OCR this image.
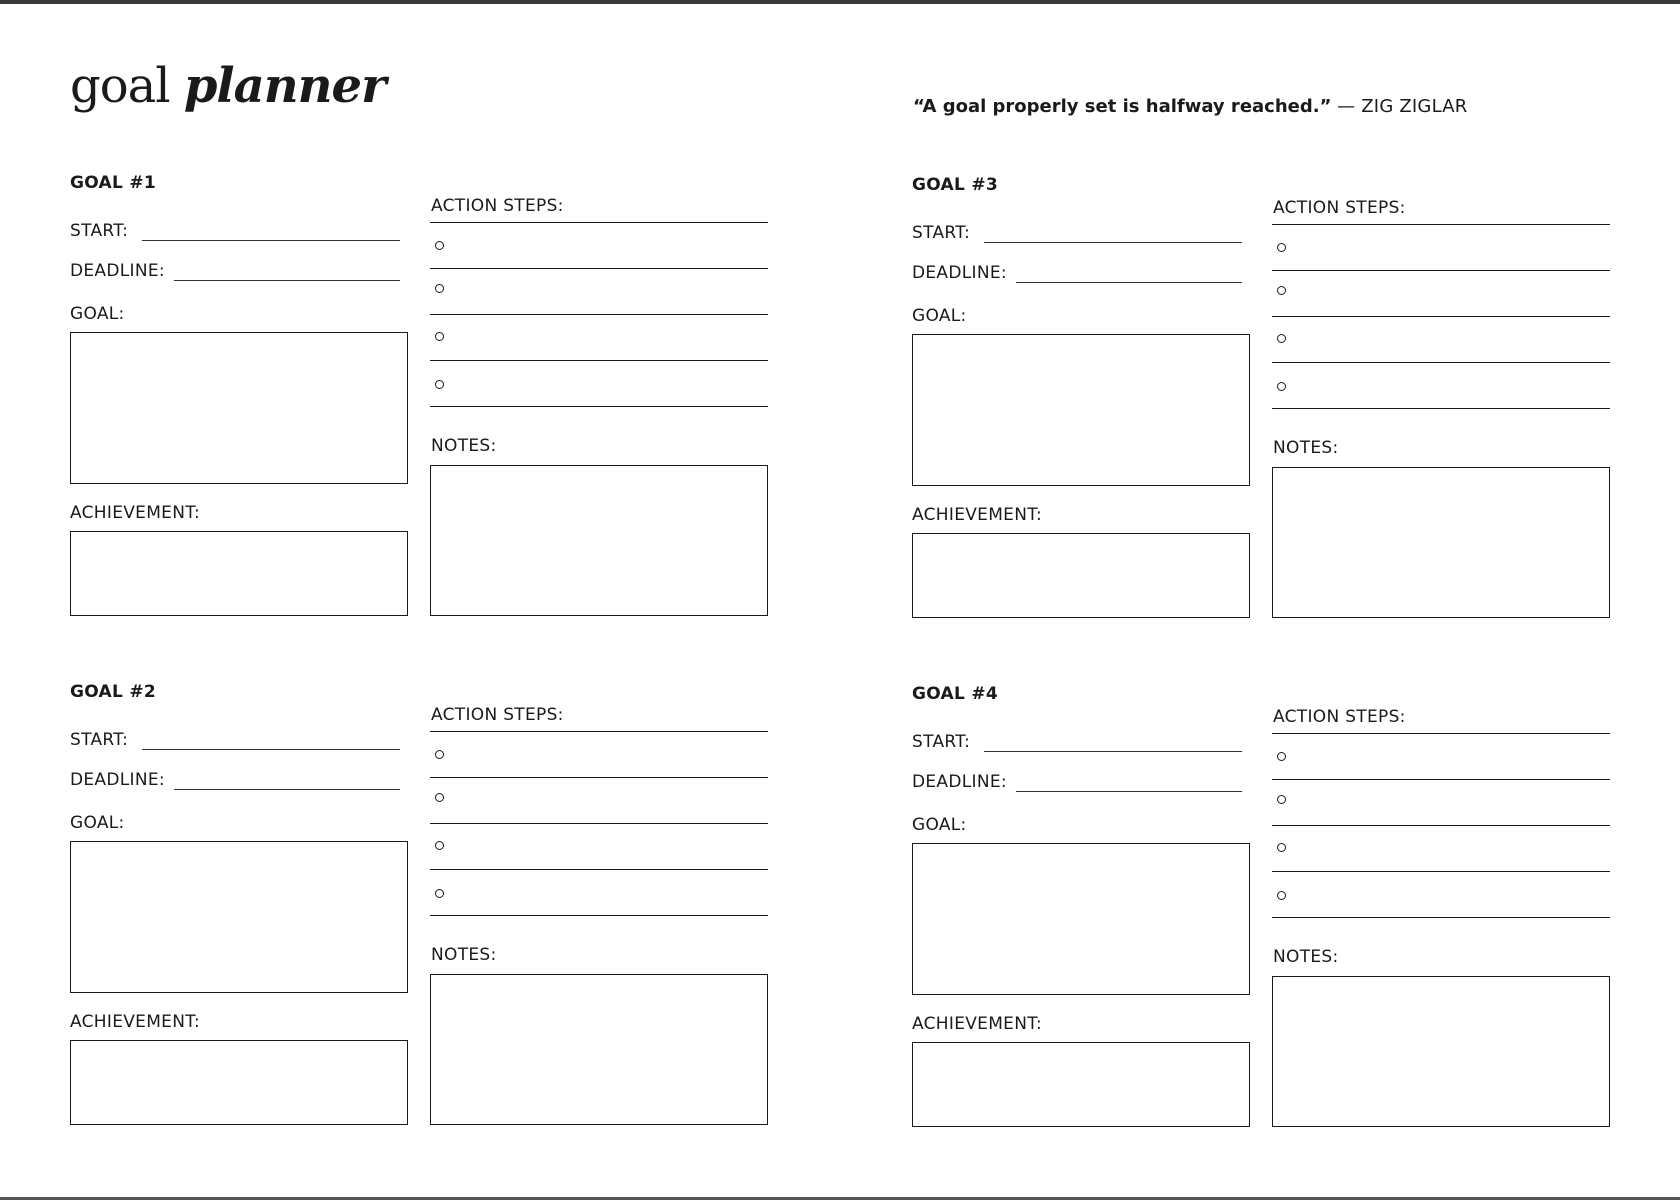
goal planner	“A goal properly set is halfway reached.” — ZIG ZIGLAR
GOAL #1
START:
DEADLINE:
GOAL:
ACHIEVEMENT:
ACTION STEPS:
NOTES:
GOAL #2
START:
DEADLINE:
GOAL:
ACHIEVEMENT:
ACTION STEPS:
NOTES:
GOAL #3
START:
DEADLINE:
GOAL:
ACHIEVEMENT:
ACTION STEPS:
NOTES:
GOAL #4
START:
DEADLINE:
GOAL:
ACHIEVEMENT:
ACTION STEPS:
NOTES:
